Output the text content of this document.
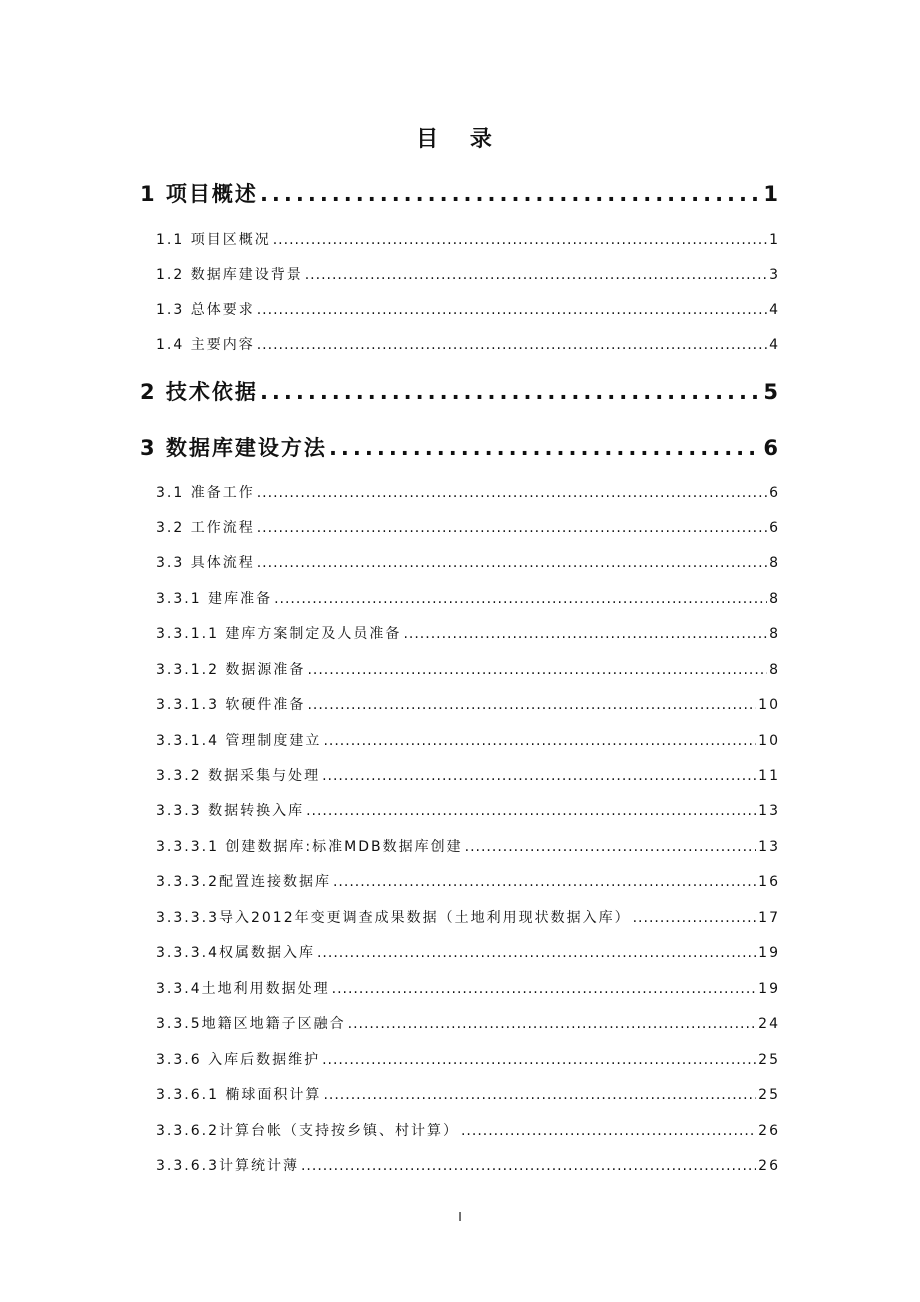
目 录
1 项目概述 .....	1
1.1 项目区概况 .....	1
1.2 数据库建设背景 .....	3
1.3 总体要求 .....	4
1.4 主要内容 .....	4
2 技术依据 .....	5
3 数据库建设方法 .....	6
3.1 准备工作 .....	6
3.2 工作流程 .....	6
3.3 具体流程 .....	8
3.3.1 建库准备 .....	8
3.3.1.1 建库方案制定及人员准备 .....	8
3.3.1.2 数据源准备 .....	8
3.3.1.3 软硬件准备 .....	10
3.3.1.4 管理制度建立 .....	10
3.3.2 数据采集与处理 .....	11
3.3.3 数据转换入库 .....	13
3.3.3.1 创建数据库:标准MDB数据库创建 .....	13
3.3.3.2配置连接数据库 .....	16
3.3.3.3导入2012年变更调查成果数据（土地利用现状数据入库） .....	17
3.3.3.4权属数据入库 .....	19
3.3.4土地利用数据处理 .....	19
3.3.5地籍区地籍子区融合 .....	24
3.3.6 入库后数据维护 .....	25
3.3.6.1 椭球面积计算 .....	25
3.3.6.2计算台帐（支持按乡镇、村计算） .....	26
3.3.6.3计算统计薄 .....	26
I
